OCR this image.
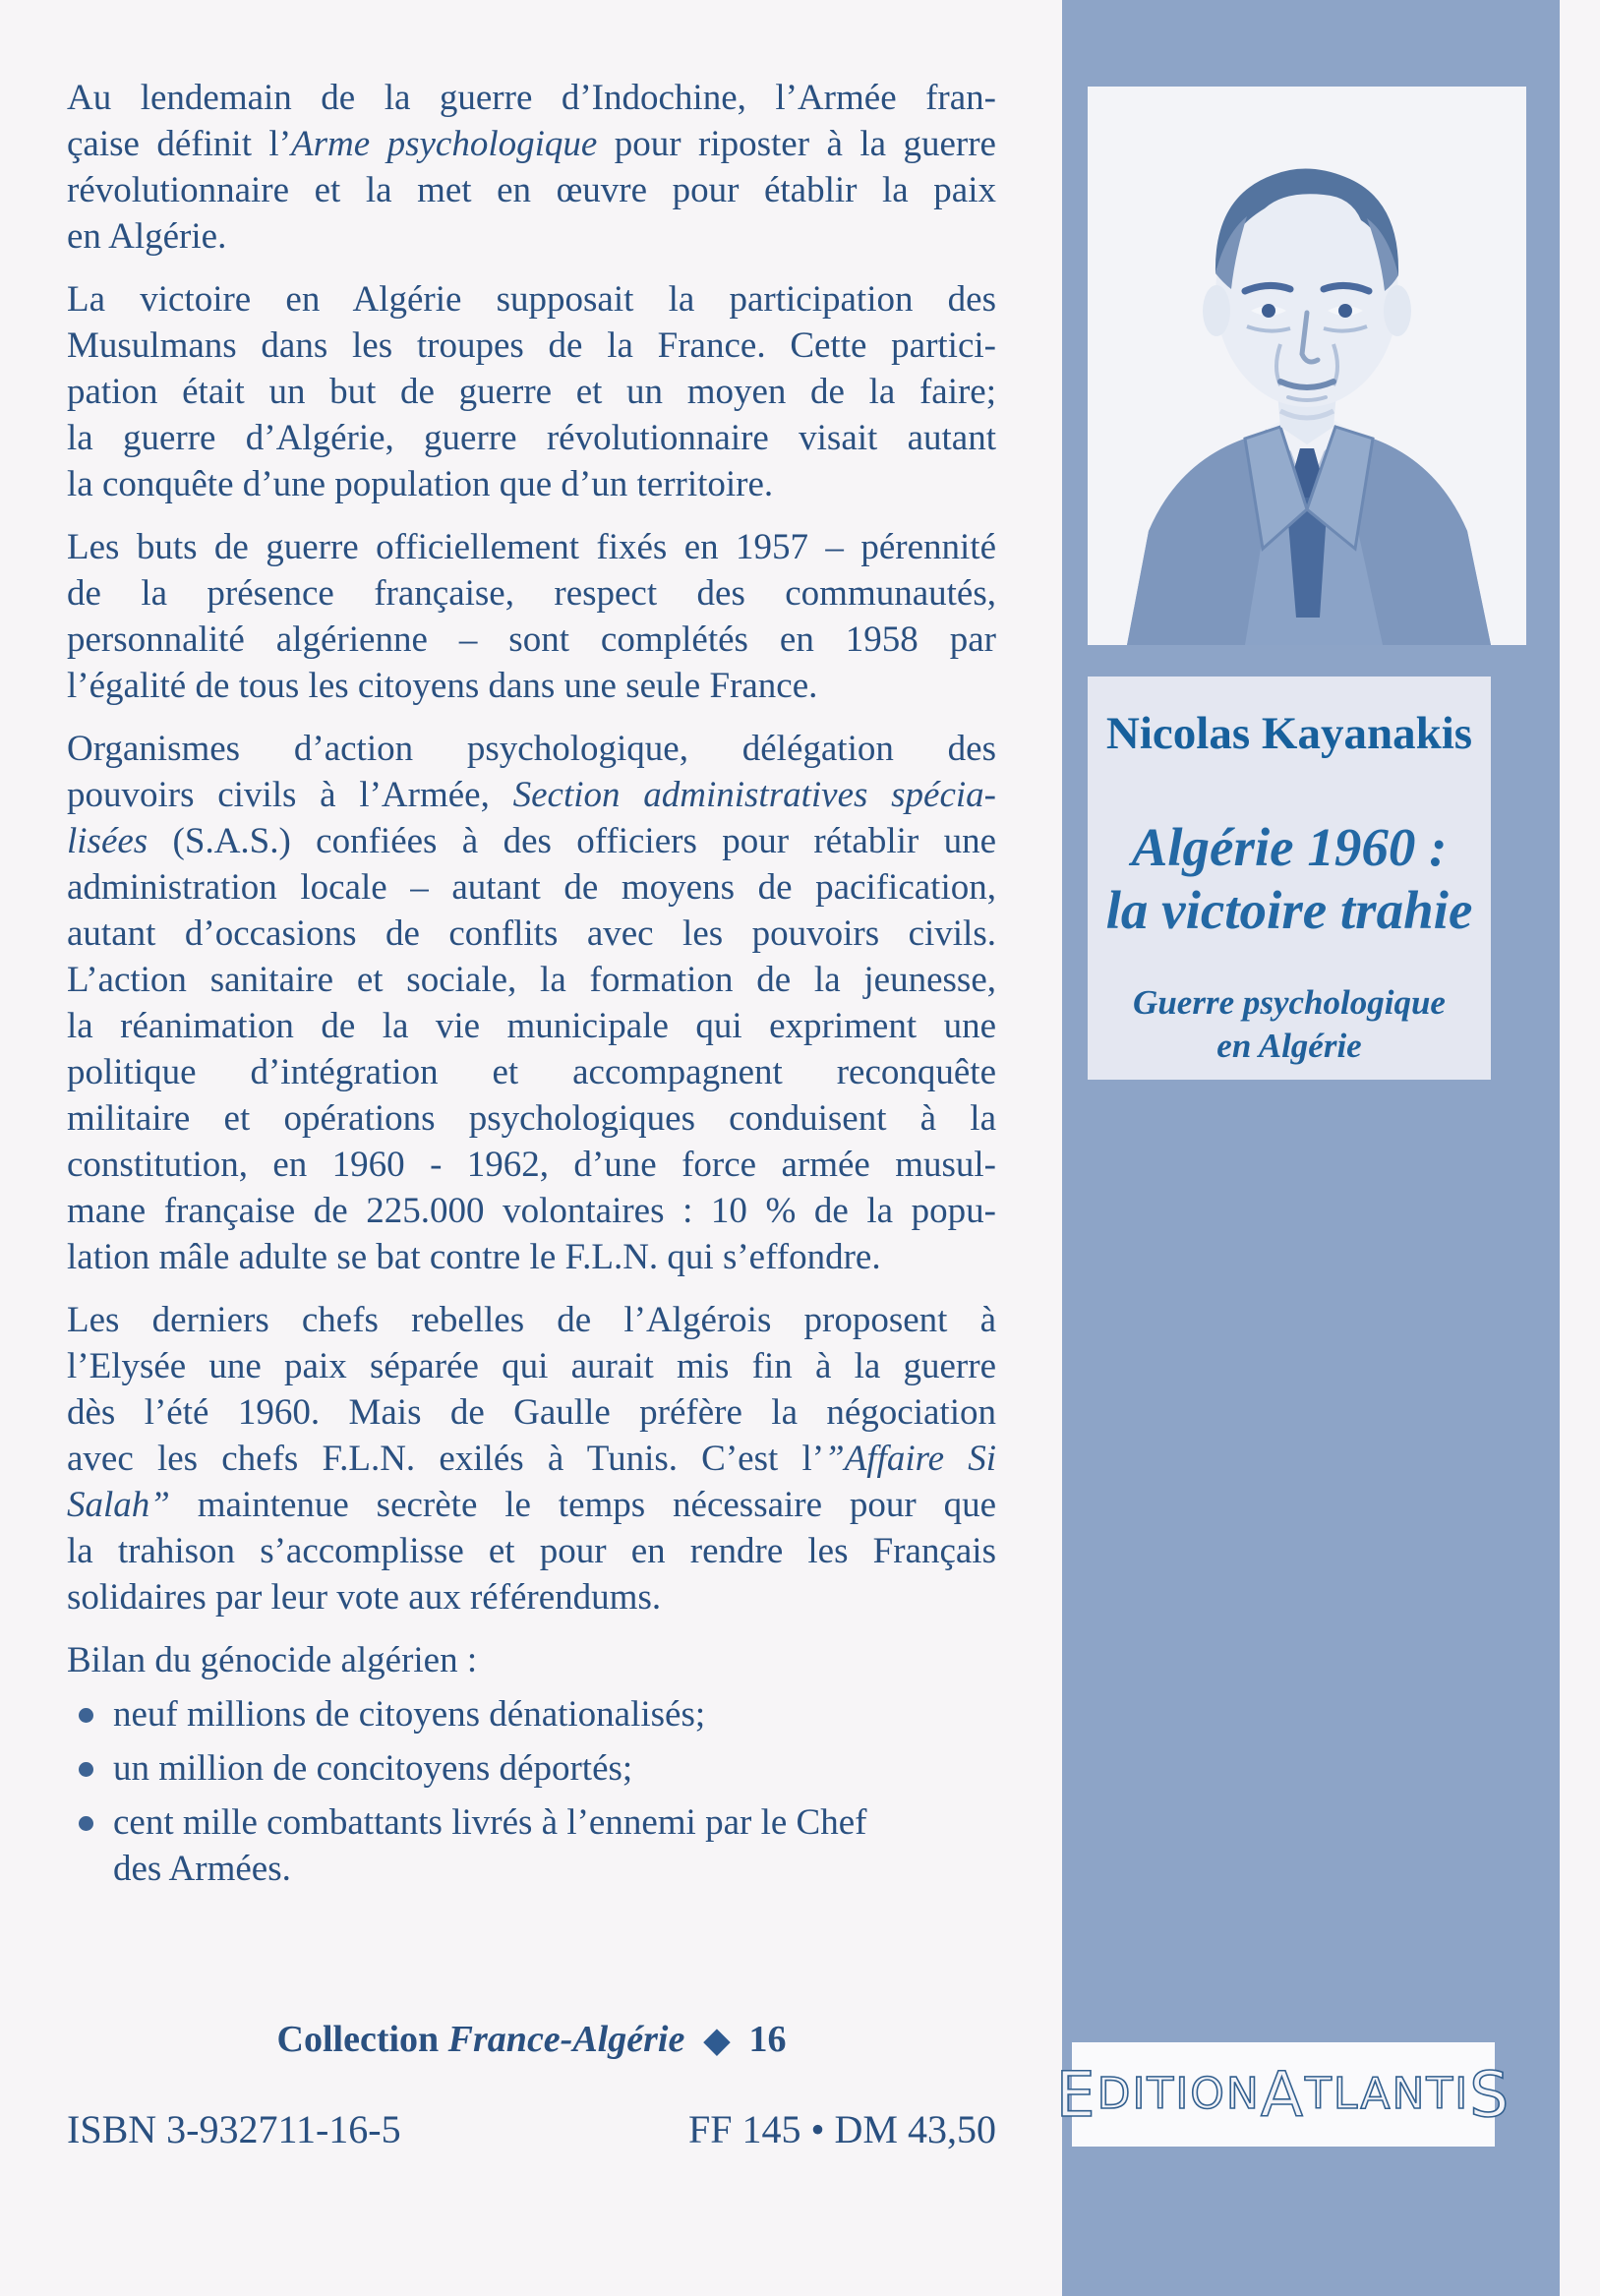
Au lendemain de la guerre d’Indochine, l’Armée fran-
çaise définit l’Arme psychologique pour riposter à la guerre
révolutionnaire et la met en œuvre pour établir la paix
en Algérie.
La victoire en Algérie supposait la participation des
Musulmans dans les troupes de la France. Cette partici-
pation était un but de guerre et un moyen de la faire;
la guerre d’Algérie, guerre révolutionnaire visait autant
la conquête d’une population que d’un territoire.
Les buts de guerre officiellement fixés en 1957 – pérennité
de la présence française, respect des communautés,
personnalité algérienne – sont complétés en 1958 par
l’égalité de tous les citoyens dans une seule France.
Organismes d’action psychologique, délégation des
pouvoirs civils à l’Armée, Section administratives spécia-
lisées (S.A.S.) confiées à des officiers pour rétablir une
administration locale – autant de moyens de pacification,
autant d’occasions de conflits avec les pouvoirs civils.
L’action sanitaire et sociale, la formation de la jeunesse,
la réanimation de la vie municipale qui expriment une
politique d’intégration et accompagnent reconquête
militaire et opérations psychologiques conduisent à la
constitution, en 1960 - 1962, d’une force armée musul-
mane française de 225.000 volontaires : 10 % de la popu-
lation mâle adulte se bat contre le F.L.N. qui s’effondre.
Les derniers chefs rebelles de l’Algérois proposent à
l’Elysée une paix séparée qui aurait mis fin à la guerre
dès l’été 1960. Mais de Gaulle préfère la négociation
avec les chefs F.L.N. exilés à Tunis. C’est l’”Affaire Si
Salah” maintenue secrète le temps nécessaire pour que
la trahison s’accomplisse et pour en rendre les Français
solidaires par leur vote aux référendums.
Bilan du génocide algérien :
neuf millions de citoyens dénationalisés;
un million de concitoyens déportés;
cent mille combattants livrés à l’ennemi par le Chef
des Armées.
Collection France-Algérie ◆ 16
ISBN 3-932711-16-5	FF 145 • DM 43,50
Nicolas Kayanakis
Algérie 1960 :
la victoire trahie
Guerre psychologique
en Algérie
E DITION A TLANTI S
